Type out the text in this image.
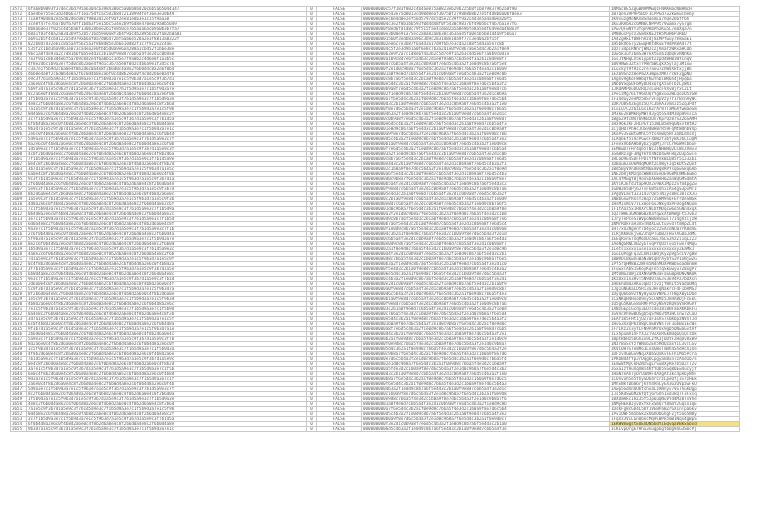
3571	6fa68b9093f37dec3bd795a6304c63984380c5a06b8bd20c6b5ab5044347	0	FALSE	000000000c57f183f802c4b4ae075a0823eb29b225b8f1b8798379b2a0f90	1NMac8E5ZgGBN9MMwQzFNRKHacNBHNcH
3572	4ae4be755ec3d2486637f1ea75dfcac5d2b8472138994fef36e3e3db49	0	FALSE	000000000e543e75d8013cd98d8eaf30758f2798b8b8b27e5f4d8b0a0bf0ee3	1B7Qen39P9P5BzF1CPPGd7u2kwewTbeby
3573	71a8f9048d2ea5d82d6c08cf9803d12ef9af2ee81e8b3e3c15f9aa38	0	FALSE	000000000ec6b4d0e2ef56d5797dc5d5e2c39ff9a2c4d3e5a4ad0ea20f5	1K9vuzgMoNKn8SdaemLa7hQe2b6ff6h
3574	3ce8f47fe7ba7b0fb70ff1bdb3f5e15bc534e2b9f6d8e470e029a8b5049	0	FALSE	0000000004c3e2f8b1b6593f0d4d48f0f5430c98376f4905bcf4b7ba1e7f6	1Ku3RAbA2c6MN6CNPP9t7Vwamx7yS7g8
3575	8b8a6de37f025c4d5ba6f130b28bee2b1fe850ce765aaa6ac69a0b3b7fa7	0	FALSE	000000000f8ed6fd1d8c79f515fae41de82a5a8e96fe8a5edf649eda4b8e3f	1Pw7QFwNYY3fqn9KbPh2Ku5L7e8Xqa7n
3576	b8a1f83f40a2a83d3b9f5285716d59e0a8f3b4f9ac4b2895bcb2fa82b0a01	0	FALSE	000000000e3b00e91a75ec2a8a82a8b38c3b3aa45fa0e5b5b81d4a9f5b6a7	1MN8ucPysz3GmXkKE2tH5M3HbP3R6U
3577	a6912b5f4cbd122a54979ab6af8a7d06472bfaab6e528a2e3f8813a0322f	0	FALSE	0000000001560f3edb83a96c3b9c2831d8e18a9f77c3ed0a2bf15f	1A4ZgHkLf8WFhAzdjm1MPfwuy7VmSaE1
3578	822b8d7d32e61c8a5a4f56c5a3f8b8d85e2b6e10d82f1c7f9c2e2c4a6	0	FALSE	0000000002ee6c7e3b87f6a4d3a17d9f6b7e3cda2c88f5dd3a5e7c8b	1H5bkVbS7y2EwqHKt4KuEf9dPA8AdT7t
3579	535f2c1bd3ba9461e873ca4ea2e0fbb5d0a9e6a4288a1cbd52f1b6e38e	0	FALSE	0000000004c5f2e3d9b1a0f6e8c7b3a2d1e0f9c8b7a6e5d4c3b2a1f0e9	1QzT3dpCRNhrjWN2cZjhmaYzWRxaHCUb
3580	9bc1a8f4e93a2c7d81b6f0a5e4d3c2b1a0f9e8d7c6b5a4f3e2d1c0b9a8	0	FALSE	000000000b3e9f2a7c1d8e6f4a3b2c5d7e9f1a2b3c4d5e6f7a8b9c0d1e	1Dw5k3uYJ6mS3W7kXtEnb1QbQkvRNhKa
3581	7e2f9a1c8b3d4e6f5a7b9c0d2e4f6a8b1c3d5e7f9a0b2c4d6e8f1a3b5c	0	FALSE	000000000a1b9c8d7e6f5a4b3c2d1e0f9a8b7c6d5e4f3a2b1c0d9e8f7	1GsJtNHqLX5k1ypUtZzpdd8HBiWYCnqV
3582	4f8e2d6c1b9a3e7f5d0c8b2a6e4f9d1c3b7a5e8f0d2c4b6a9e1f3d5c7b	0	FALSE	000000000d7c6b5a4f3e2d1c0b9a8f7e6d5c4b3a2f1e0d9c8b7a6f5e4	1BV9NwE3ZtxTrPWrbWLqkX5yTaj3M1xw
3583	c3a7e1f5b9d2c6a0e4f8b2d6c0a4e8f2b6d0c4a8e2f6b0d4c8a2e6f0b4	0	FALSE	000000000f2e1d0c9b8a7f6e5d4c3b2a1f0e9d8c7b6a5f4e3d2c1b0a9	1LuckyY9fRzcJre7aou7ZhWVXktxjjBb
3584	d6b0e4a8f2c6d0b4e8a2f6c0d4b8e2a6f0c4d8b2e6a0f4c8d2b6e0a4f8	0	FALSE	0000000001a0f9e8d7c6b5a4f3e2d1c0b9a8f7e6d5c4b3a2f1e0d9c8b	1Ez69SnzzmePmZX3WpEzMKTrcBF2gpNQ
3585	e9c3f7b1d5a9e3c7f1b5d9a3e7c1f5b9d3a7e1c5f9b3d7a1e5c9f3b7d1	0	FALSE	000000000c8b7a6f5e4d3c2b1a0f9e8d7c6b5a4f3e2d1c0b9a8f7e6d5	1AgXv9gKoFWHbqYKwYhDiWR6h4jHyq6a
3586	2a6e0c4f8b2d6a0e4c8f2b6d0a4e8c2f6b0d4a8e2c6f0b4d8a2e6c0f4b	0	FALSE	000000000e5d4c3b2a1f0e9d8c7b6a5f4e3d2c1b0a9f8e7d6c5b4a3f2	1NbbVSqGUFbMyDU4xQrgX5ShTbzLyWhz
3587	5b9f3d7a1e5c9b3f7d1a5e9c3b7f1d5a9e3c7b1f5d9a3e7c1b5f9d3a7e	0	FALSE	000000000b9a8f7e6d5c4b3a2f1e0d9c8b7a6f5e4d3c2b1a0f9e8d7c6	1JRdAMPDuUUZRQJsLuHcFVXvBjYxC2Lt
3588	8c2a6e0f4b8d2c6a0e4f8b2d6c0a4e8f2b6d0c4a8e2f6b0d4c8a2e6f0b	0	FALSE	0000000002f1e0d9c8b7a6f5e4d3c2b1a0f9e8d7c6b5a4f3e2d1c0b9a	1PeizMg76Cf96nUQrYg8xuoZWLQozU5zGW
3589	1f5b9d3a7e1c5f9b3d7a1e5c9f3b7d1a5e9c3f7b1d5a9e3c7f1b5d9a3e	0	FALSE	000000000a7f6e5d4c3b2a1f0e9d8c7b6a5f4e3d2c1b0a9f8e7d6c5b4	1F34duy2eeMz5mSrvFepVzy7Y1rBsnAyWC
3590	4e8c2f6b0d4a8e2c6f0b4d8a2e6c0f4b8d2a6e0c4f8b2d6a0e4c8f2b6d	0	FALSE	000000000d3c2b1a0f9e8d7c6b5a4f3e2d1c0b9a8f7e6d5c4b3a2f1e0	1DR7U8ShZEgnz5Q7C3bAA3vmnJz5Zq3Pdf
3591	7a1e5c9f3b7d1a5e9c3f7b1d5a9e3c7f1b5d9a3e7c1f5b9d3a7e1c5f9b	0	FALSE	000000000f8e7d6c5b4a3f2e1d0c9b8a7f6e5d4c3b2a1f0e9d8c7b6a5	1CuLQ7C2z6zL6s1KZrAr8TTaMGAfwBaoGm
3592	0d4a8e2c6f0b4d8a2e6c0f4b8d2a6e0c4f8b2d6a0e4c8f2b6d0a4e8c2f	0	FALSE	0000000004b3a2f1e0d9c8b7a6f5e4d3c2b1a0f9e8d7c6b5a4f3e2d1c	1M3kE2kBMkRyMWTd3yqtoS44M3UpH9ssca
3593	3c7f1b5d9a3e7c1f5b9d3a7e1c5f9b3d7a1e5c9f3b7d1a5e9c3f7b1d5a	0	FALSE	000000000c0b9a8f7e6d5c4b3a2f1e0d9c8b7a6f5e4d3c2b1a0f9e8d7	1BgGZ9tcN4rm9KBzDn7KprQz87SZ26SAMH
3594	6f0b4d8a2e6c0f4b8d2a6e0c4f8b2d6a0e4c8f2b6d0a4e8c2f6b0d4a8e	0	FALSE	000000000e6d5c4b3a2f1e0d9c8b7a6f5e4d3c2b1a0f9e8d7c6b5a4f3	1Hz96kJKF2HLPGY15JWLB5m9qGNxvt8tHJ
3595	9b3d7a1e5c9f3b7d1a5e9c3f7b1d5a9e3c7f1b5d9a3e7c1f5b9d3a7e1c	0	FALSE	0000000001e0d9c8b7a6f5e4d3c2b1a0f9e8d7c6b5a4f3e2d1c0b9a8f	1CjQHU7PhHcJUS9dBH8rR59FqMtWdhbVXp
3596	2e6c0f4b8d2a6e0c4f8b2d6a0e4c8f2b6d0a4e8c2f6b0d4a8e2c6f0b4d	0	FALSE	000000000a9f8e7d6c5b4a3f2e1d0c9b8a7f6e5d4c3b2a1f0e9d8c7b6	1KoPv3SuBtwMhC5Yts4eBQ5HT3aNLdXsXj
3597	5d9a3e7c1f5b9d3a7e1c5f9b3d7a1e5c9f3b7d1a5e9c3f7b1d5a9e3c7f	0	FALSE	000000000d5c4b3a2f1e0d9c8b7a6f5e4d3c2b1a0f9e8d7c6b5a4f3e2	1LAQbEf5iAcPGwcF4bW2f3bYykK26CCuQM
3598	8a2e6c0f4b8d2a6e0c4f8b2d6a0e4c8f2b6d0a4e8c2f6b0d4a8e2c6f0b	0	FALSE	000000000b1a0f9e8d7c6b5a4f3e2d1c0b9a8f7e6d5c4b3a2f1e0d9c8	1FeexV6bAHb8ybZjqQMjJrcCrHGW9sb6uF
3599	1d5a9e3c7f1b5d9a3e7c1f5b9d3a7e1c5f9b3d7a1e5c9f3b7d1a5e9c3f	0	FALSE	000000000f7e6d5c4b3a2f1e0d9c8b7a6f5e4d3c2b1a0f9e8d7c6b5a4	1EMmwD7FHr4qb5TNcZ1NHBHQ2LCWsZVmv3
3600	4c8f2b6d0a4e8c2f6b0d4a8e2c6f0b4d8a2e6c0f4b8d2a6e0c4f8b2d6a	0	FALSE	0000000003a2f1e0d9c8b7a6f5e4d3c2b1a0f9e8d7c6b5a4f3e2d1c0b	1Gm8Rz3gF3NgYkYh4NzD4wAFHq2D3p5wTe
3601	7f1b5d9a3e7c1f5b9d3a7e1c5f9b3d7a1e5c9f3b7d1a5e9c3f7b1d5a9e	0	FALSE	000000000c8b7a6f5e4d3c2b1a0f9e8d7c6b5a4f3e2d1c0b9a8f7e6d5	1HLoD9E4SDFFPDiYfNYnkBLQ85Y51J3Zb1
3602	0e4c8f2b6d0a4e8c2f6b0d4a8e2c6f0b4d8a2e6c0f4b8d2a6e0c4f8b2d	0	FALSE	000000000e4d3c2b1a0f9e8d7c6b5a4f3e2d1c0b9a8f7e6d5c4b3a2f1	1DBaumZxUkM4qMQRt2LVWyFJq5kDtSZQot
3603	3b7d1a5e9c3f7b1d5a9e3c7f1b5d9a3e7c1f5b9d3a7e1c5f9b3d7a1e5c	0	FALSE	0000000002c1b0a9f8e7d6c5b4a3f2e1d0c9b8a7f6e5d4c3b2a1f0e9d	1Bd5ByVVndBsWtN6EmVq8RPYsq6wSkq6Ab
3604	6a0e4c8f2b6d0a4e8c2f6b0d4a8e2c6f0b4d8a2e6c0f4b8d2a6e0c4f8b	0	FALSE	000000000a6f5e4d3c2b1a0f9e8d7c6b5a4f3e2d1c0b9a8f7e6d5c4b3	1NE2bRjKMzqXcWWHznEeDE9G8MiNMEbwmo
3605	9c3f7b1d5a9e3c7f1b5d9a3e7c1f5b9d3a7e1c5f9b3d7a1e5c9f3b7d1a	0	FALSE	000000000d0c9b8a7f6e5d4c3b2a1f0e9d8c7b6a5f4e3d2c1b0a9f8e7	1AC4fMwgY8j9onSbXEWeH6Zan8QGMSdmtA
3606	2f6b0d4a8e2c6f0b4d8a2e6c0f4b8d2a6e0c4f8b2d6a0e4c8f2b6d0a4e	0	FALSE	000000000b5a4f3e2d1c0b9a8f7e6d5c4b3a2f1e0d9c8b7a6f5e4d3c2	1KYiKJEfdJtap9QX2v9BXJMpz2SfU4pgZw
3607	5e9c3f7b1d5a9e3c7f1b5d9a3e7c1f5b9d3a7e1c5f9b3d7a1e5c9f3b7d	0	FALSE	000000000f9e8d7c6b5a4f3e2d1c0b9a8f7e6d5c4b3a2f1e0d9c8b7a6	1GDWJm5dPj6JTxF68tEVhicAS4gS3pvMTz
3608	8b2d6a0e4c8f2b6d0a4e8c2f6b0d4a8e2c6f0b4d8a2e6c0f4b8d2a6e0c	0	FALSE	0000000005e4d3c2b1a0f9e8d7c6b5a4f3e2d1c0b9a8f7e6d5c4b3a2f	1PgQVLmst3Z314JrQn5TNiys8Hc38TcXJu
3609	1a5e9c3f7b1d5a9e3c7f1b5d9a3e7c1f5b9d3a7e1c5f9b3d7a1e5c9f3b	0	FALSE	000000000c2b1a0f9e8d7c6b5a4f3e2d1c0b9a8f7e6d5c4b3a2f1e0d9	1NBbGnwfRnsYJ8qz7ZSHM9n6FEYrDeSNGk
3610	4d8a2e6c0f4b8d2a6e0c4f8b2d6a0e4c8f2b6d0a4e8c2f6b0d4a8e2c6f	0	FALSE	000000000e8d7c6b5a4f3e2d1c0b9a8f7e6d5c4b3a2f1e0d9c8b7a6f5	1HsMJxNiV7TLxmoF6uJNkydxPFDog4NQum
3611	7c1f5b9d3a7e1c5f9b3d7a1e5c9f3b7d1a5e9c3f7b1d5a9e3c7f1b5d9a	0	FALSE	0000000001d0c9b8a7f6e5d4c3b2a1f0e9d8c7b6a5f4e3d2c1b0a9f8e	1F1tAaz5x1HUXrCNLbtMDqcw6o5GNn4xqX
3612	0b4d8a2e6c0f4b8d2a6e0c4f8b2d6a0e4c8f2b6d0a4e8c2f6b0d4a8e2c	0	FALSE	000000000a3f2e1d0c9b8a7f6e5d4c3b2a1f0e9d8c7b6a5f4e3d2c1b0	1Q2TWHE3GMdB6BZKafqwxXtWAWgFt5Jvm3
3613	3e7c1f5b9d3a7e1c5f9b3d7a1e5c9f3b7d1a5e9c3f7b1d5a9e3c7f1b5d	0	FALSE	000000000d9c8b7a6f5e4d3c2b1a0f9e8d7c6b5a4f3e2d1c0b9a8f7e6	1JryTePceSiWVpoNBU8SbwiT7J4ghzijzW
3614	6d0a4e8c2f6b0d4a8e2c6f0b4d8a2e6c0f4b8d2a6e0c4f8b2d6a0e4c8f	0	FALSE	000000000b7a6f5e4d3c2b1a0f9e8d7c6b5a4f3e2d1c0b9a8f7e6d5c4	1NMrRDkFaA3XSTNdXLwCtuvvdTtmRpZL4t
3615	9a3e7c1f5b9d3a7e1c5f9b3d7a1e5c9f3b7d1a5e9c3f7b1d5a9e3c7f1b	0	FALSE	000000000f1e0d9c8b7a6f5e4d3c2b1a0f9e8d7c6b5a4f3e2d1c0b9a8	1HT7xU2Ngenf7D4yocz2SAcnNLW7rK8d4E
3616	2c6f0b4d8a2e6c0f4b8d2a6e0c4f8b2d6a0e4c8f2b6d0a4e8c2f6b0d4a	0	FALSE	0000000004c3b2a1f0e9d8c7b6a5f4e3d2c1b0a9f8e7d6c5b4a3f2e1d	1CRjKKW1kjSm2JhQPTuDB2FHuTAG8aJdML
3617	5f9b3d7a1e5c9f3b7d1a5e9c3f7b1d5a9e3c7f1b5d9a3e7c1f5b9d3a7e	0	FALSE	000000000c6b5a4f3e2d1c0b9a8f7e6d5c4b3a2f1e0d9c8b7a6f5e4d3	1EEqRvnS7XqMoXDcaGL7bLS3hzZi1qLJ2J
3618	8e2c6f0b4d8a2e6c0f4b8d2a6e0c4f8b2d6a0e4c8f2b6d0a4e8c2f6b0d	0	FALSE	000000000e0d9c8b7a6f5e4d3c2b1a0f9e8d7c6b5a4f3e2d1c0b9a8f7	1AoNgGRNLXBZyGTvqPYQUzTuu5Fwe74MqG
3619	1b5d9a3e7c1f5b9d3a7e1c5f9b3d7a1e5c9f3b7d1a5e9c3f7b1d5a9e3c	0	FALSE	0000000002a1f0e9d8c7b6a5f4e3d2c1b0a9f8e7d6c5b4a3f2e1d0c9b	1Lets1xxxx1use1xxxxxxxxxxxy2EaMkJ
3620	4a8e2c6f0b4d8a2e6c0f4b8d2a6e0c4f8b2d6a0e4c8f2b6d0a4e8c2f6b	0	FALSE	000000000a4f3e2d1c0b9a8f7e6d5c4b3a2f1e0d9c8b7a6f5e4d3c2b1	1GuLQPqgFq3ZLkN1sWdjKyZp9g5cCV7gB8
3621	7d1a5e9c3f7b1d5a9e3c7f1b5d9a3e7c1f5b9d3a7e1c5f9b3d7a1e5c9f	0	FALSE	000000000d8c7b6a5f4e3d2c1b0a9f8e7d6c5b4a3f2e1d0c9b8a7f6e5	1BWVDiBkwXuBaN3W1qRrAybYS2P1oNjwZG
3622	0c4f8b2d6a0e4c8f2b6d0a4e8c2f6b0d4a8e2c6f0b4d8a2e6c0f4b8d2a	0	FALSE	000000000b3a2f1e0d9c8b7a6f5e4d3c2b1a0f9e8d7c6b5a4f3e2d1c0	1Pf5rqHM8BZ2WFm5N4nMUXPKWbSoadmnmW
3623	3f7b1d5a9e3c7f1b5d9a3e7c1f5b9d3a7e1c5f9b3d7a1e5c9f3b7d1a5e	0	FALSE	000000000f5e4d3c2b1a0f9e8d7c6b5a4f3e2d1c0b9a8f7e6d5c4b3a2	1FuwxTAbS1SKoyKqFn5TqSkuwyu7Z8xgP7
3624	6b0d4a8e2c6f0b4d8a2e6c0f4b8d2a6e0c4f8b2d6a0e4c8f2b6d0a4e8c	0	FALSE	0000000006e5d4c3b2a1f0e9d8c7b6a5f4e3d2c1b0a9f8e7d6c5b4a3f	1MtUNoZUWjZ4XN9aMN3aFaSGBpRDNvNKmK
3625	9e3c7f1b5d9a3e7c1f5b9d3a7e1c5f9b3d7a1e5c9f3b7d1a5e9c3f7b1d	0	FALSE	000000000c4b3a2f1e0d9c8b7a6f5e4d3c2b1a0f9e8d7c6b5a4f3e2d1	1KzDxc1n3HvT5N9dUTaGJv3E94PZ7bUXsn
3626	2d6a0e4c8f2b6d0a4e8c2f6b0d4a8e2c6f0b4d8a2e6c0f4b8d2a6e0c4f	0	FALSE	000000000e2d1c0b9a8f7e6d5c4b3a2f1e0d9c8b7a6f5e4d3c2b1a0f9	1HUEhUmdZAKoJqBzT5vzjYWhLt5VadaUMq
3627	5c9f3b7d1a5e9c3f7b1d5a9e3c7f1b5d9a3e7c1f5b9d3a7e1c5f9b3d7a	0	FALSE	000000000a0f9e8d7c6b5a4f3e2d1c0b9a8f7e6d5c4b3a2f1e0d9c8b7	1Jg1uNGKaCD5Ri3aJHFqNakrcFdF1bRMSJ
3628	8f2b6d0a4e8c2f6b0d4a8e2c6f0b4d8a2e6c0f4b8d2a6e0c4f8b2d6a0e	0	FALSE	000000000d6c5b4a3f2e1d0c9b8a7f6e5d4c3b2a1f0e9d8c7b6a5f4e3	1DyqQ66a9ZYNy8yuDxVNPEJTFNpXByLDUe
3629	1e5c9f3b7d1a5e9c3f7b1d5a9e3c7f1b5d9a3e7c1f5b9d3a7e1c5f9b3d	0	FALSE	000000000b1a0f9e8d7c6b5a4f3e2d1c0b9a8f7e6d5c4b3a2f1e0d9c8	1CxNKqH4HxoD9vy5LCWMz5JkRA8DjFcEkC
3630	4b8d2a6e0c4f8b2d6a0e4c8f2b6d0a4e8c2f6b0d4a8e2c6f0b4d8a2e6c	0	FALSE	000000000f9e8d7c6b5a4f3e2d1c0b9a8f7e6d5c4b3a2f1e0d9c8b7a6	1Q5gG5KmGv8xRMFPhzyNS9zKQ9aVnR9GVY
3631	7e1c5f9b3d7a1e5c9f3b7d1a5e9c3f7b1d5a9e3c7f1b5d9a3e7c1f5b9d	0	FALSE	0000000003c2b1a0f9e8d7c6b5a4f3e2d1c0b9a8f7e6d5c4b3a2f1e0d	1ANzGEpiGcdy3ED7c4eJ8i8HFa6XKKbkFu
3632	0a4e8c2f6b0d4a8e2c6f0b4d8a2e6c0f4b8d2a6e0c4f8b2d6a0e4c8f2b	0	FALSE	000000000c7b6a5f4e3d2c1b0a9f8e7d6c5b4a3f2e1d0c9b8a7f6e5d4	1GVAcVhVwBUSgQ5qSfWU3tM3HCsnw7ZCaQ
3633	3d7a1e5c9f3b7d1a5e9c3f7b1d5a9e3c7f1b5d9a3e7c1f5b9d3a7e1c5f	0	FALSE	000000000e5d4c3b2a1f0e9d8c7b6a5f4e3d2c1b0a9f8e7d6c5b4a3f2	1EAfzm5FHt1jUZ7aF3ohS7s6KbpzNVnTJd
3634	6c0f4b8d2a6e0c4f8b2d6a0e4c8f2b6d0a4e8c2f6b0d4a8e2c6f0b4d8a	0	FALSE	0000000001b0a9f8e7d6c5b4a3f2e1d0c9b8a7f6e5d4c3b2a1f0e9d8c	1HvG3XxQP6zU8pCmS8VNsTvF3ubBo1EcWs
3635	9f3b7d1a5e9c3f7b1d5a9e3c7f1b5d9a3e7c1f5b9d3a7e1c5f9b3d7a1e	0	FALSE	000000000a8f7e6d5c4b3a2f1e0d9c8b7a6f5e4d3c2b1a0f9e8d7c6b5	1FrLKz2s3yYLFN9PaMrUx9gD5UNwaGvtAf
3636	2b6d0a4e8c2f6b0d4a8e2c6f0b4d8a2e6c0f4b8d2a6e0c4f8b2d6a0e4c	0	FALSE	000000000d4c3b2a1f0e9d8c7b6a5f4e3d2c1b0a9f8e7d6c5b4a3f2e1	1LxhpumA1XFfXJZT9ZXnRGk8Uq6Q1QTzUk
3637	5a9e3c7f1b5d9a3e7c1f5b9d3a7e1c5f9b3d7a1e5c9f3b7d1a5e9c3f7b	0	FALSE	000000000b2a1f0e9d8c7b6a5f4e3d2c1b0a9f8e7d6c5b4a3f2e1d0c9	1BptBbHz5DGhZu9LZfK3jDDtFZHqUv8xB9
3638	8d2a6e0c4f8b2d6a0e4c8f2b6d0a4e8c2f6b0d4a8e2c6f0b4d8a2e6c0f	0	FALSE	000000000f0e9d8c7b6a5f4e3d2c1b0a9f8e7d6c5b4a3f2e1d0c9b8a7	1NzrBuSsYzrWNxbZEh5MdQzaxYiL3vTLGv
3639	1c5f9b3d7a1e5c9f3b7d1a5e9c3f7b1d5a9e3c7f1b5d9a3e7c1f5b9d3a	0	FALSE	0000000005d4c3b2a1f0e9d8c7b6a5f4e3d2c1b0a9f8e7d6c5b4a3f2e	1KVCDH7GTe8Mo3Ln4GWvTmRh4Shd9cXJXe
3640	4f8b2d6a0e4c8f2b6d0a4e8c2f6b0d4a8e2c6f0b4d8a2e6c0f4b8d2a6e	0	FALSE	000000000c9b8a7f6e5d4c3b2a1f0e9d8c7b6a5f4e3d2c1b0a9f8e7d6	1DFzv4GmGu9NqJX8bSQnKvFEFh1Ma5Pcra
3641	7b1d5a9e3c7f1b5d9a3e7c1f5b9d3a7e1c5f9b3d7a1e5c9f3b7d1a5e9c	0	FALSE	000000000e7d6c5b4a3f2e1d0c9b8a7f6e5d4c3b2a1f0e9d8c7b6a5f4	1PKUBd4fYpJrDqgbCpgyaU8xnTzAnd1b7s
3642	0e4c8f2b6d0a4e8c2f6b0d4a8e2c6f0b4d8a2e6c0f4b8d2a6e0c4f8b2d	0	FALSE	0000000002e1d0c9b8a7f6e5d4c3b2a1f0e9d8c7b6a5f4e3d2c1b0a9f	1Emw8tMyCkHZNzSgLrSuBXyRe7b5D2TT2v
3643	3a7e1c5f9b3d7a1e5c9f3b7d1a5e9c3f7b1d5a9e3c7f1b5d9a3e7c1f5b	0	FALSE	000000000a5f4e3d2c1b0a9f8e7d6c5b4a3f2e1d0c9b8a7f6e5d4c3b2	1Gxa1zY9uXqXWi4KfYQb5SSq8DEw4ucyjY
3644	6e0c4f8b2d6a0e4c8f2b6d0a4e8c2f6b0d4a8e2c6f0b4d8a2e6c0f4b8d	0	FALSE	000000000d3c2b1a0f9e8d7c6b5a4f3e2d1c0b9a8f7e6d5c4b3a2f1e0	1HaN7eAh7yDrUaN9F4AXgAt3kc4pA6yNhF
3645	9d3a7e1c5f9b3d7a1e5c9f3b7d1a5e9c3f7b1d5a9e3c7f1b5d9a3e7c1f	0	FALSE	000000000b8a7f6e5d4c3b2a1f0e9d8c7b6a5f4e3d2c1b0a9f8e7d6c5	1CUnvuh5e5thySDb4rcrzLpeQfj3v7zHEk
3646	2a6e0c4f8b2d6a0e4c8f2b6d0a4e8c2f6b0d4a8e2c6f0b4d8a2e6c0f4b	0	FALSE	000000000f6e5d4c3b2a1f0e9d8c7b6a5f4e3d2c1b0a9f8e7d6c5b4a3	1MhxNkTDbm6rjkYh4AhLyEX3GzQVpzwFkU
3647	5d9a3e7c1f5b9d3a7e1c5f9b3d7a1e5c9f3b7d1a5e9c3f7b1d5a9e3c7f	0	FALSE	0000000004b3a2f1e0d9c8b7a6f5e4d3c2b1a0f9e8d7c6b5a4f3e2d1c	1Awp5GdXnUUbtshu4LzANnyv7VGThukDgp
3648	8c2f6b0d4a8e2c6f0b4d8a2e6c0f4b8d2a6e0c4f8b2d6a0e4c8f2b6d0a	0	FALSE	000000000c1b0a9f8e7d6c5b4a3f2e1d0c9b8a7f6e5d4c3b2a1f0e9d8	1Js5KdSw6MZ6YQtj6rGhh1xd3kQ7F3Fxsq
3649	1f5b9d3a7e1c5f9b3d7a1e5c9f3b7d1a5e9c3f7b1d5a9e3c7f1b5d9a3e	0	FALSE	000000000e9d8c7b6a5f4e3d2c1b0a9f8e7d6c5b4a3f2e1d0c9b8a7f6	1BXUmHkc1RZ35f5Jp6uQNuVYd4MZ8TxVhe
3650	4e8c2f6b0d4a8e2c6f0b4d8a2e6c0f4b8d2a6e0c4f8b2d6a0e4c8f2b6d	0	FALSE	0000000001a0f9e8d7c6b5a4f3e2d1c0b9a8f7e6d5c4b3a2f1e0d9c8b	1NMyHEkBJyvDxfkFxSmQ7Y8m4Y2Gqsn1qE
3651	7a1e5c9f3b7d1a5e9c3f7b1d5a9e3c7f1b5d9a3e7c1f5b9d3a7e1c5f9b	0	FALSE	000000000a7f6e5d4c3b2a1f0e9d8c7b6a5f4e3d2c1b0a9f8e7d6c5b4	1DsKFg8cGD4L5bY1VEBPaBZrGX1nTpa6kv
3652	0d4a8e2c6f0b4d8a2e6c0f4b8d2a6e0c4f8b2d6a0e4c8f2b6d0a4e8c2f	0	FALSE	000000000d5c4b3a2f1e0d9c8b7a6f5e4d3c2b1a0f9e8d7c6b5a4f3e2	1Pv1UWF5m5bGk2xU6hDbGhgFZjt5ao5N8y
3653	3c7f1b5d9a3e7c1f5b9d3a7e1c5f9b3d7a1e5c9f3b7d1a5e9c3f7b1d5a	0	FALSE	000000000b0a9f8e7d6c5b4a3f2e1d0c9b8a7f6e5d4c3b2a1f0e9d8c7	1FqXz3ViLGnQ6ncMq9CWPk5mB1Nqx4gBpS
3654	6f0b4d8a2e6c0f4b8d2a6e0c4f8b2d6a0e4c8f2b6d0a4e8c2f6b0d4a8e	0	FALSE	000000000f3e2d1c0b9a8f7e6d5c4b3a2f1e0d9c8b7a6f5e4d3c2b1a0	1EKWVmwgstEUEXDN5bdYiEQvqaVBkSSbsd
3655	9b3d7a1e5c9f3b7d1a5e9c3f7b1d5a9e3c7f1b5d9a3e7c1f5b9d3a7e1c	0	FALSE	0000000006d5c4b3a2f1e0d9c8b7a6f5e4d3c2b1a0f9e8d7c6b5a4f3e	1CKLvpQrgErRhu3eugp6gtbDg9aG3SmcPj
